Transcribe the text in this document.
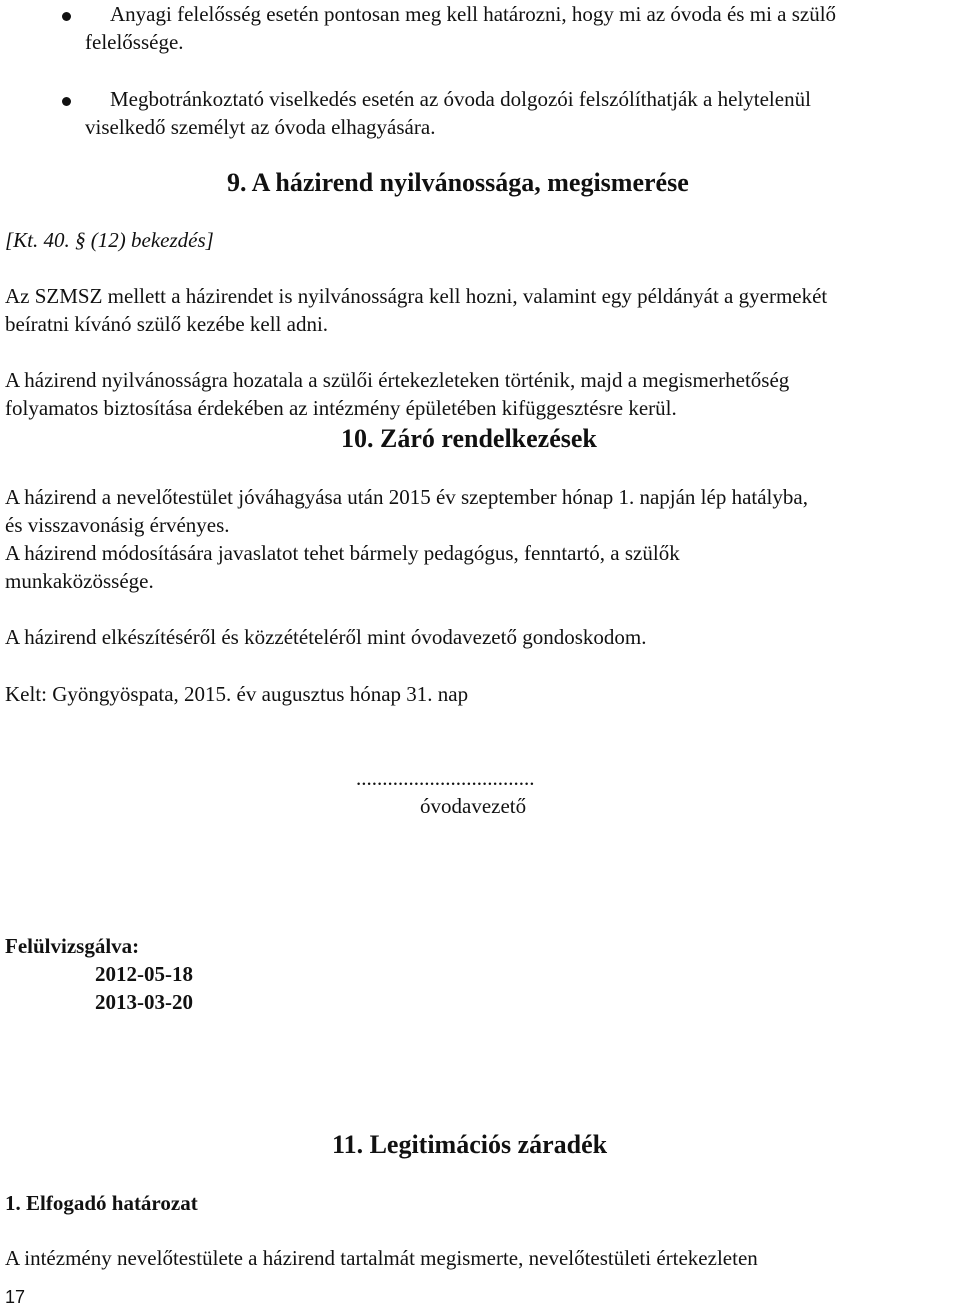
Anyagi felelősség esetén pontosan meg kell határozni, hogy mi az óvoda és mi a szülő
felelőssége.
Megbotránkoztató viselkedés esetén az óvoda dolgozói felszólíthatják a helytelenül
viselkedő személyt az óvoda elhagyására.
9. A házirend nyilvánossága, megismerése
[Kt. 40. § (12) bekezdés]
Az SZMSZ mellett a házirendet is nyilvánosságra kell hozni, valamint egy példányát a gyermekét
beíratni kívánó szülő kezébe kell adni.
A házirend nyilvánosságra hozatala a szülői értekezleteken történik, majd a megismerhetőség
folyamatos biztosítása érdekében az intézmény épületében kifüggesztésre kerül.
10. Záró rendelkezések
A házirend a nevelőtestület jóváhagyása után 2015 év szeptember hónap 1. napján lép hatályba,
és visszavonásig érvényes.
A házirend módosítására javaslatot tehet bármely pedagógus, fenntartó, a szülők
munkaközössége.
A házirend elkészítéséről és közzétételéről mint óvodavezető gondoskodom.
Kelt: Gyöngyöspata, 2015. év augusztus hónap 31. nap
..................................
óvodavezető
Felülvizsgálva:
2012-05-18
2013-03-20
11. Legitimációs záradék
1. Elfogadó határozat
A intézmény nevelőtestülete a házirend tartalmát megismerte, nevelőtestületi értekezleten
17
